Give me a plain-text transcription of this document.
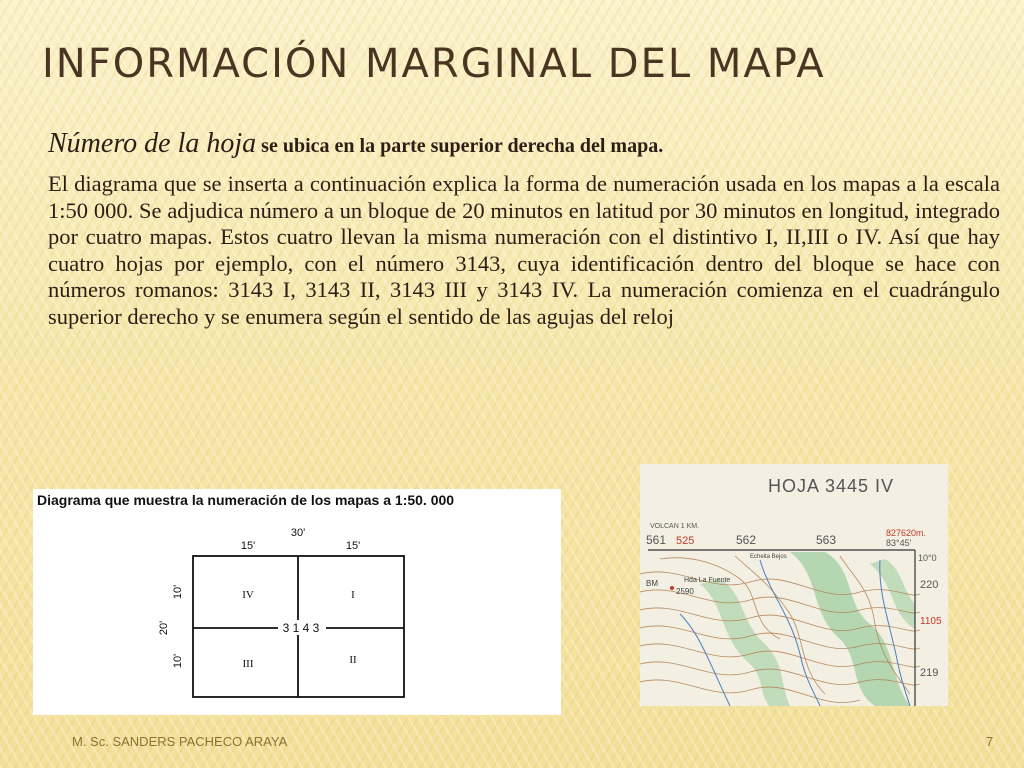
INFORMACIÓN MARGINAL DEL MAPA
Número de la hoja se ubica en la parte superior derecha del mapa.

El diagrama que se inserta a continuación explica la forma de numeración usada en los mapas a la escala 1:50 000. Se adjudica número a un bloque de 20 minutos en latitud por 30 minutos en longitud, integrado por cuatro mapas. Estos cuatro llevan la misma numeración con el distintivo I, II,III o IV. Así que hay cuatro hojas por ejemplo, con el número 3143, cuya identificación dentro del bloque se hace con números romanos: 3143 I, 3143 II, 3143 III y 3143 IV. La numeración comienza en el cuadrángulo superior derecho y se enumera según el sentido de las agujas del reloj

Diagrama que muestra la numeración de los mapas a 1:50. 000
30'
15'	15'
20'
10'
10'
3 1 4 3
IV	I
III	II
HOJA 3445 IV
VOLCAN 1 KM.
561 525	562	563	827620m.
83°45'
10°0
220
1105
219
Hda La Fuente
Echeita Bejos
2590
BM
M. Sc. SANDERS PACHECO ARAYA	7
